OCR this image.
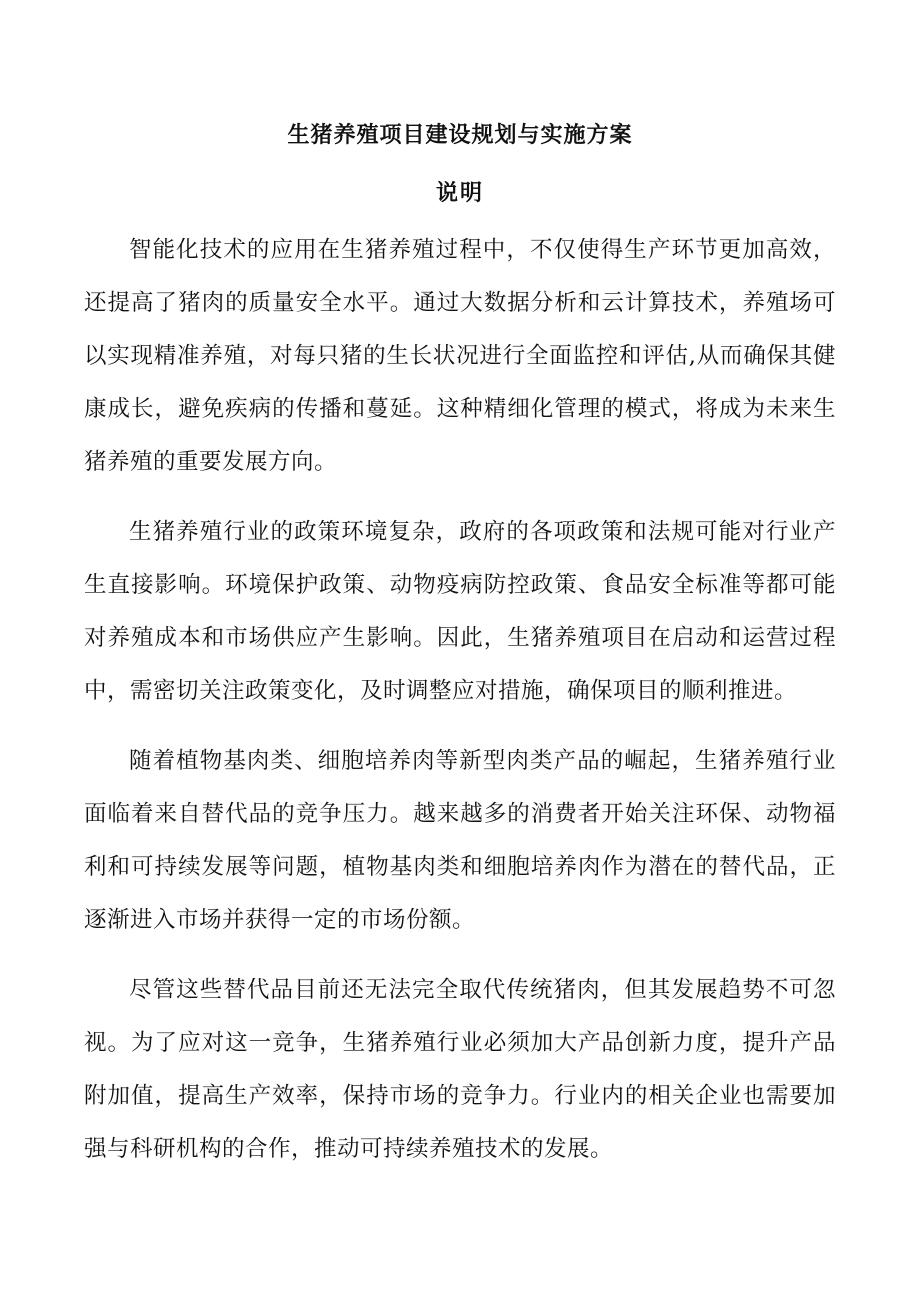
生猪养殖项目建设规划与实施方案
说明

智能化技术的应用在生猪养殖过程中，不仅使得生产环节更加高效，还提高了猪肉的质量安全水平。通过大数据分析和云计算技术，养殖场可以实现精准养殖，对每只猪的生长状况进行全面监控和评估,从而确保其健康成长，避免疾病的传播和蔓延。这种精细化管理的模式，将成为未来生猪养殖的重要发展方向。

生猪养殖行业的政策环境复杂，政府的各项政策和法规可能对行业产生直接影响。环境保护政策、动物疫病防控政策、食品安全标准等都可能对养殖成本和市场供应产生影响。因此，生猪养殖项目在启动和运营过程中，需密切关注政策变化，及时调整应对措施，确保项目的顺利推进。

随着植物基肉类、细胞培养肉等新型肉类产品的崛起，生猪养殖行业面临着来自替代品的竞争压力。越来越多的消费者开始关注环保、动物福利和可持续发展等问题，植物基肉类和细胞培养肉作为潜在的替代品，正逐渐进入市场并获得一定的市场份额。

尽管这些替代品目前还无法完全取代传统猪肉，但其发展趋势不可忽视。为了应对这一竞争，生猪养殖行业必须加大产品创新力度，提升产品附加值，提高生产效率，保持市场的竞争力。行业内的相关企业也需要加强与科研机构的合作，推动可持续养殖技术的发展。
